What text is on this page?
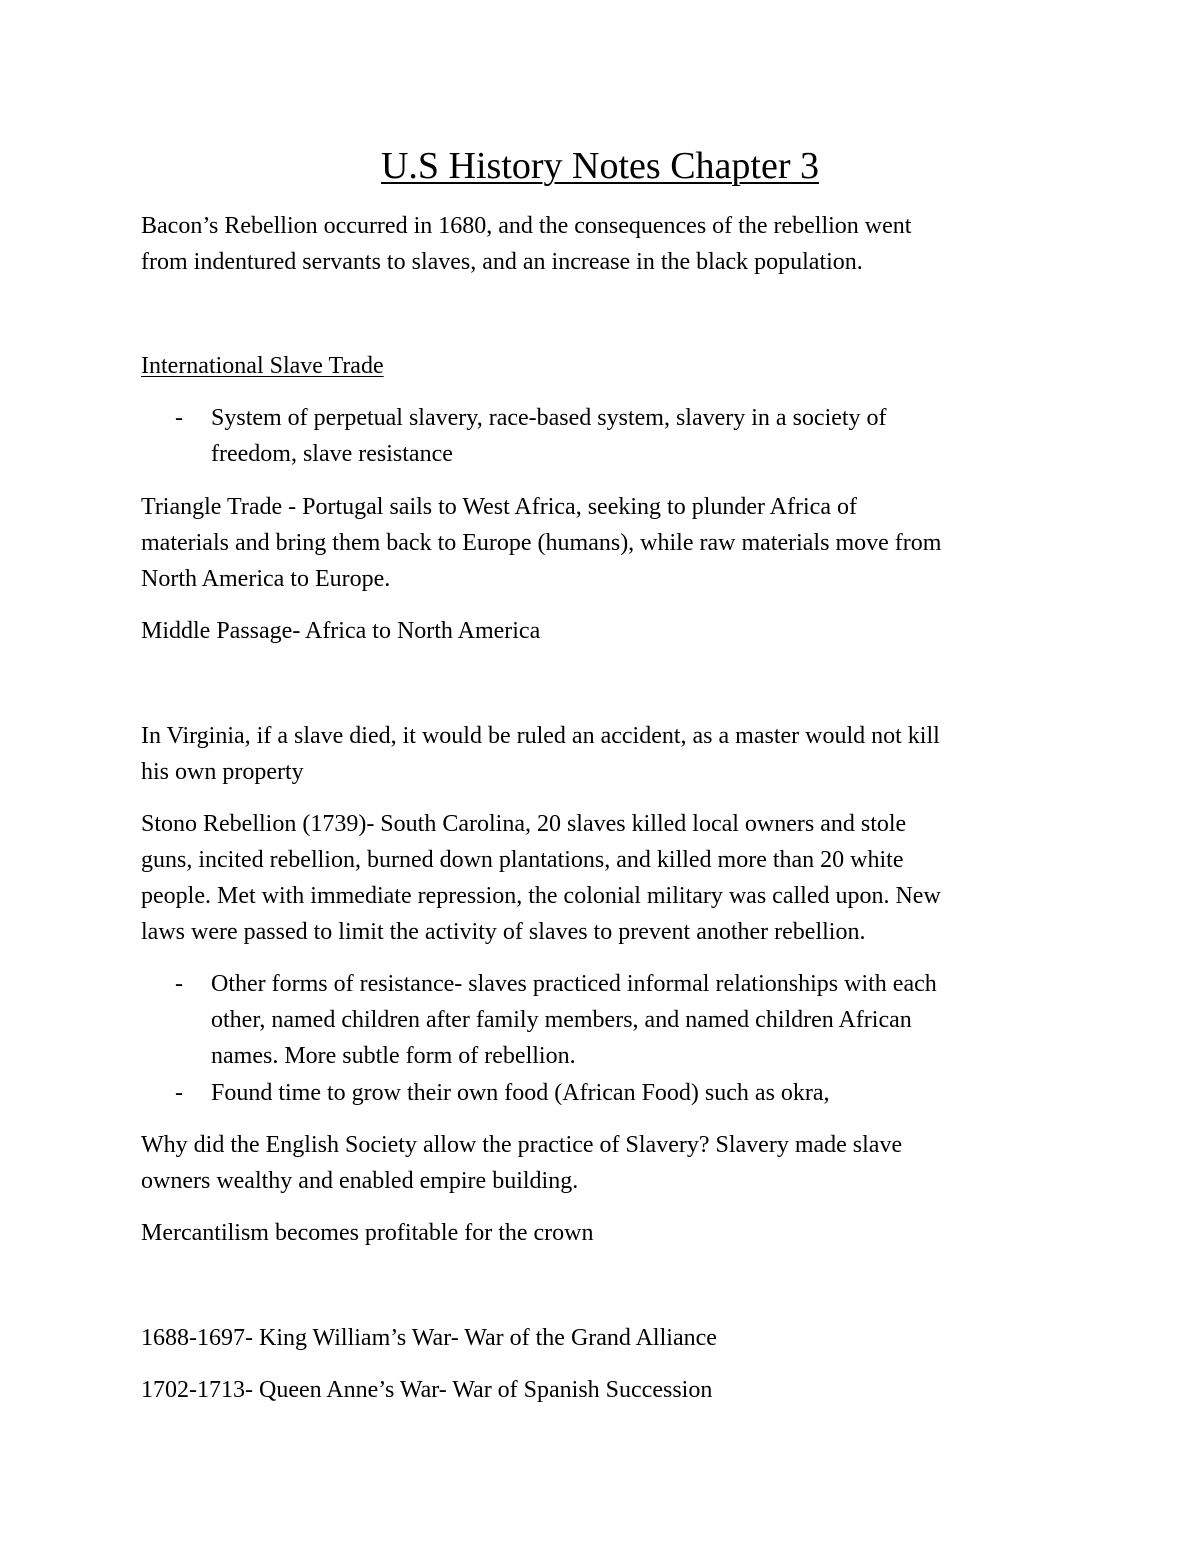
U.S History Notes Chapter 3
Bacon’s Rebellion occurred in 1680, and the consequences of the rebellion went
from indentured servants to slaves, and an increase in the black population.
International Slave Trade
-	System of perpetual slavery, race-based system, slavery in a society of
freedom, slave resistance
Triangle Trade - Portugal sails to West Africa, seeking to plunder Africa of
materials and bring them back to Europe (humans), while raw materials move from
North America to Europe.
Middle Passage- Africa to North America
In Virginia, if a slave died, it would be ruled an accident, as a master would not kill
his own property
Stono Rebellion (1739)- South Carolina, 20 slaves killed local owners and stole
guns, incited rebellion, burned down plantations, and killed more than 20 white
people. Met with immediate repression, the colonial military was called upon. New
laws were passed to limit the activity of slaves to prevent another rebellion.
-	Other forms of resistance- slaves practiced informal relationships with each
other, named children after family members, and named children African
names. More subtle form of rebellion.
-	Found time to grow their own food (African Food) such as okra,
Why did the English Society allow the practice of Slavery? Slavery made slave
owners wealthy and enabled empire building.
Mercantilism becomes profitable for the crown
1688-1697- King William’s War- War of the Grand Alliance
1702-1713- Queen Anne’s War- War of Spanish Succession
